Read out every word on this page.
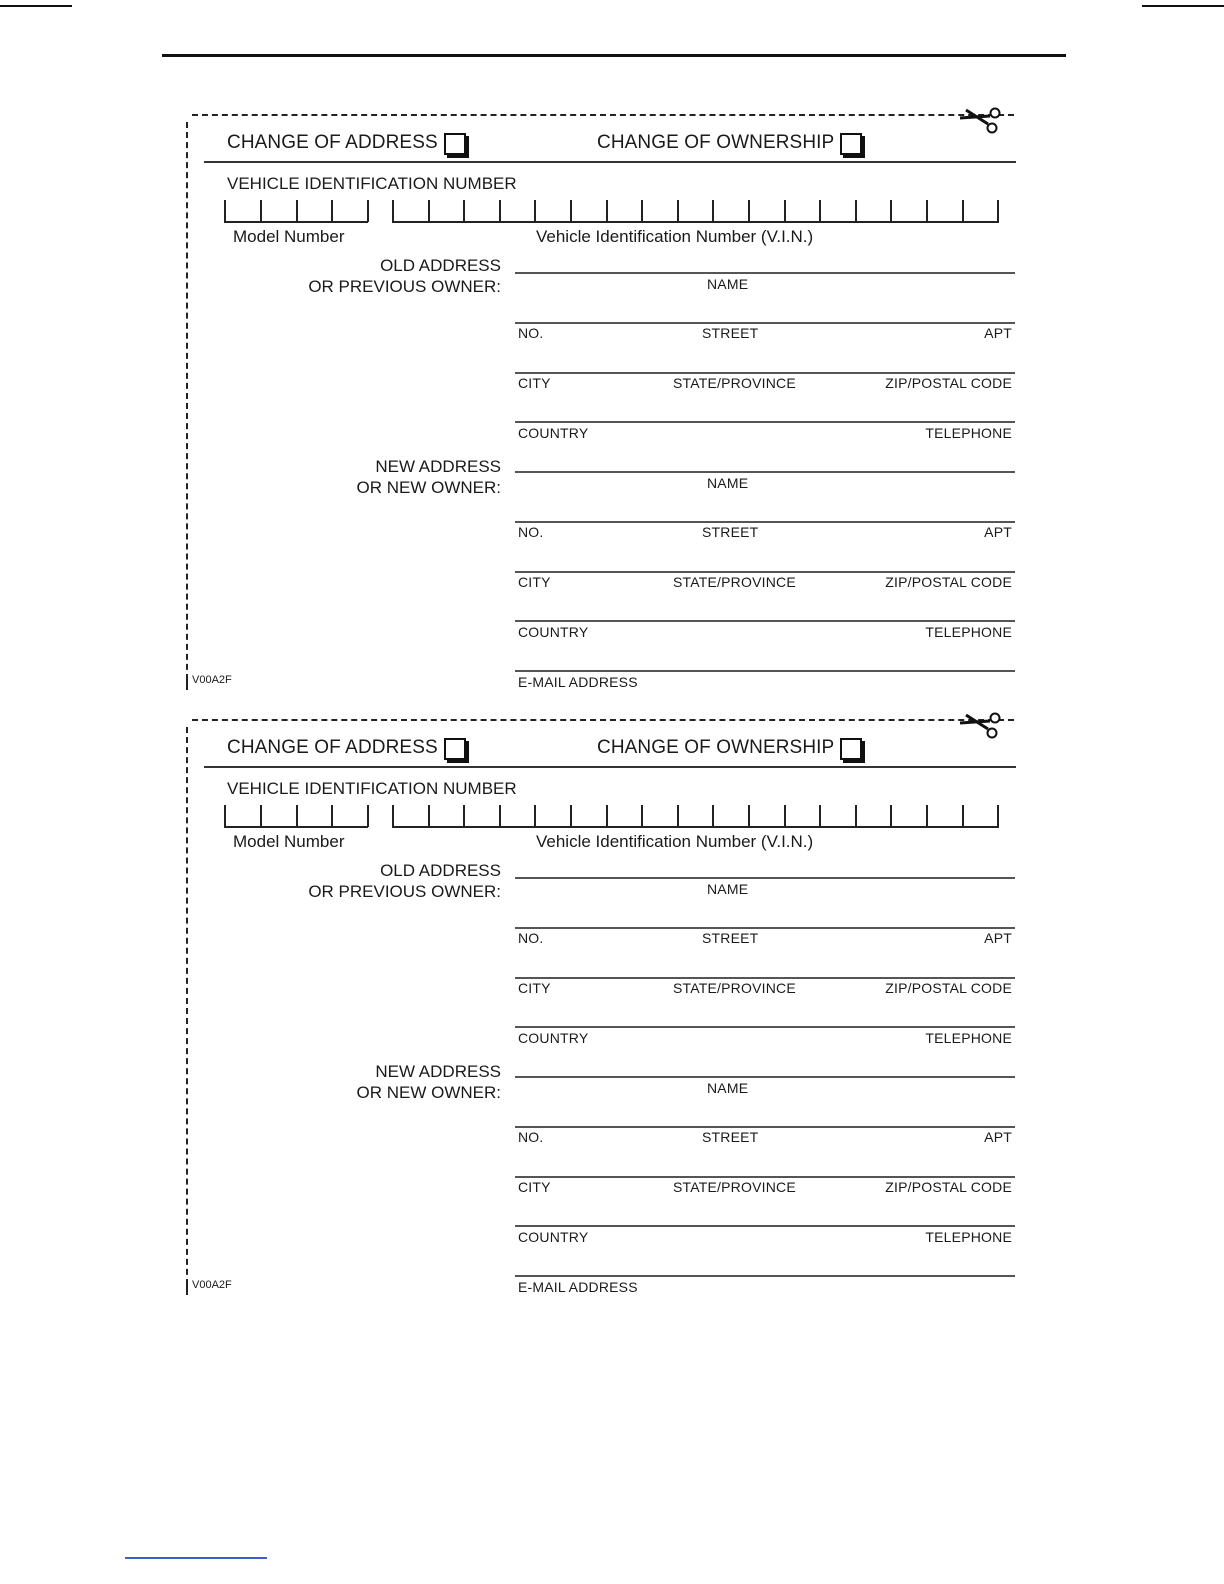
CHANGE OF ADDRESS	CHANGE OF OWNERSHIP
VEHICLE IDENTIFICATION NUMBER
Model Number	Vehicle Identification Number (V.I.N.)
OLD ADDRESS
OR PREVIOUS OWNER:	NAME
NO.	STREET	APT
CITY	STATE/PROVINCE	ZIP/POSTAL CODE
COUNTRY	TELEPHONE
NEW ADDRESS
OR NEW OWNER:	NAME
NO.	STREET	APT
CITY	STATE/PROVINCE	ZIP/POSTAL CODE
COUNTRY	TELEPHONE
E-MAIL ADDRESS
V00A2F
CHANGE OF ADDRESS	CHANGE OF OWNERSHIP
VEHICLE IDENTIFICATION NUMBER
Model Number	Vehicle Identification Number (V.I.N.)
OLD ADDRESS
OR PREVIOUS OWNER:	NAME
NO.	STREET	APT
CITY	STATE/PROVINCE	ZIP/POSTAL CODE
COUNTRY	TELEPHONE
NEW ADDRESS
OR NEW OWNER:	NAME
NO.	STREET	APT
CITY	STATE/PROVINCE	ZIP/POSTAL CODE
COUNTRY	TELEPHONE
E-MAIL ADDRESS
V00A2F
